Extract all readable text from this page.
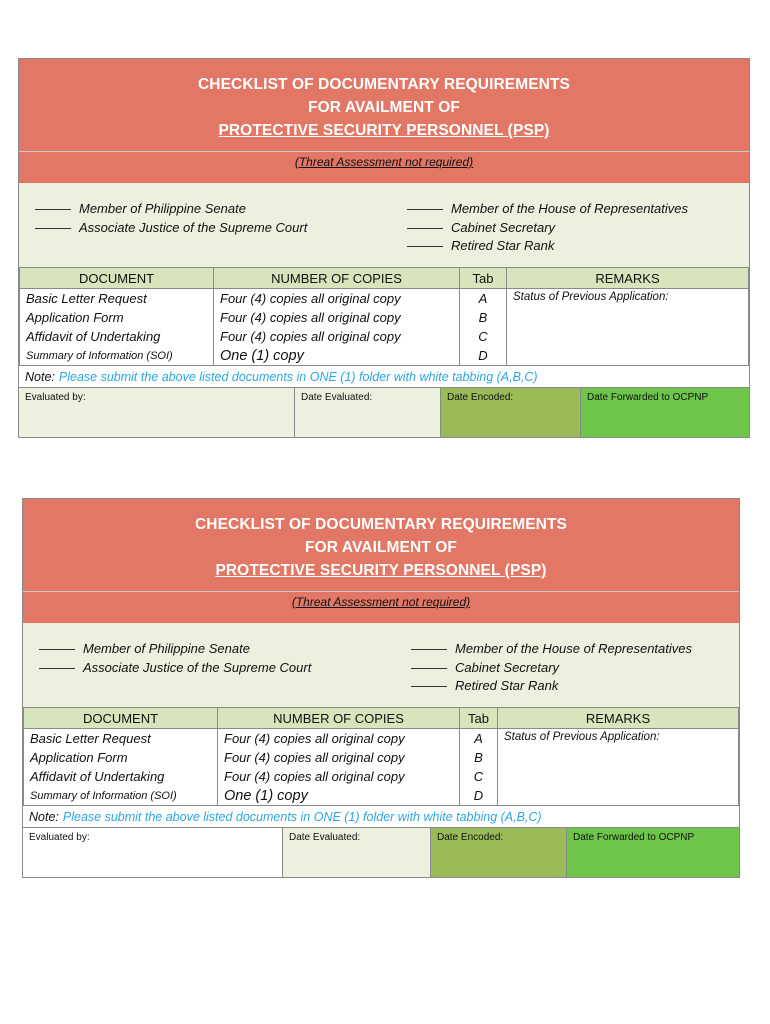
CHECKLIST OF DOCUMENTARY REQUIREMENTS
FOR AVAILMENT OF
PROTECTIVE SECURITY PERSONNEL (PSP)
(Threat Assessment not required)
Member of Philippine Senate
Associate Justice of the Supreme Court
Member of the House of Representatives
Cabinet Secretary
Retired Star Rank
DOCUMENT	NUMBER OF COPIES	Tab	REMARKS
Basic Letter Request	Four (4) copies all original copy	A	Status of Previous Application:
Application Form	Four (4) copies all original copy	B	
Affidavit of Undertaking	Four (4) copies all original copy	C	
Summary of Information (SOI)	One (1) copy	D	
Note: Please submit the above listed documents in ONE (1) folder with white tabbing (A,B,C)
Evaluated by:	Date Evaluated:	Date Encoded:	Date Forwarded to OCPNP
CHECKLIST OF DOCUMENTARY REQUIREMENTS
FOR AVAILMENT OF
PROTECTIVE SECURITY PERSONNEL (PSP)
(Threat Assessment not required)
Member of Philippine Senate
Associate Justice of the Supreme Court
Member of the House of Representatives
Cabinet Secretary
Retired Star Rank
DOCUMENT	NUMBER OF COPIES	Tab	REMARKS
Basic Letter Request	Four (4) copies all original copy	A	Status of Previous Application:
Application Form	Four (4) copies all original copy	B	
Affidavit of Undertaking	Four (4) copies all original copy	C	
Summary of Information (SOI)	One (1) copy	D	
Note: Please submit the above listed documents in ONE (1) folder with white tabbing (A,B,C)
Evaluated by:	Date Evaluated:	Date Encoded:	Date Forwarded to OCPNP
